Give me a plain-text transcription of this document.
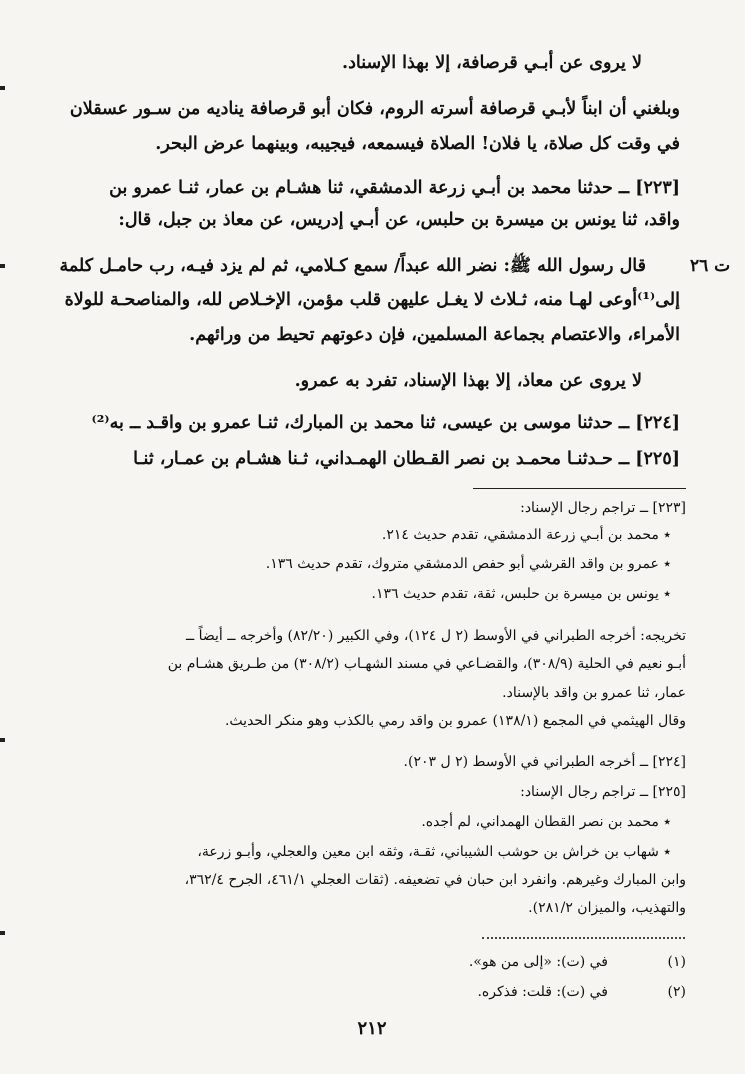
ت ٢٦
لا يروى عن أبـي قرصافة، إلا بهذا الإسناد.
وبلغني أن ابناً لأبـي قرصافة أسرته الروم، فكان أبو قرصافة يناديه من سـور عسقلان
في وقت كل صلاة، يا فلان! الصلاة فيسمعه، فيجيبه، وبينهما عرض البحر.
[٢٢٣] ــ حدثنا محمد بن أبـي زرعة الدمشقي، ثنا هشـام بن عمار، ثنـا عمرو بن
واقد، ثنا يونس بن ميسرة بن حلبس، عن أبـي إدريس، عن معاذ بن جبل، قال:
قال رسول الله ﷺ: نضر الله عبداً/ سمع كـلامي، ثم لم يزد فيـه، رب حامـل كلمة
إلى⁽¹⁾أوعى لهـا منه، ثـلاث لا يغـل عليهن قلب مؤمن، الإخـلاص لله، والمناصحـة للولاة
الأمراء، والاعتصام بجماعة المسلمين، فإن دعوتهم تحيط من ورائهم.
لا يروى عن معاذ، إلا بهذا الإسناد، تفرد به عمرو.
[٢٢٤] ــ حدثنا موسى بن عيسى، ثنا محمد بن المبارك، ثنـا عمرو بن واقـد ــ به⁽²⁾
[٢٢٥] ــ حـدثنـا محمـد بن نصر القـطان الهمـداني، ثـنا هشـام بن عمـار، ثنـا
[٢٢٣] ــ تراجم رجال الإسناد:
٭ محمد بن أبـي زرعة الدمشقي، تقدم حديث ٢١٤.
٭ عمرو بن واقد القرشي أبو حفص الدمشقي متروك، تقدم حديث ١٣٦.
٭ يونس بن ميسرة بن حلبس، ثقة، تقدم حديث ١٣٦.
تخريجه: أخرجه الطبراني في الأوسط (٢ ل ١٢٤)، وفي الكبير (٨٢/٢٠) وأخرجه ــ أيضاً ــ
أبـو نعيم في الحلية (٣٠٨/٩)، والقضـاعي في مسند الشهـاب (٣٠٨/٢) من طـريق هشـام بن
عمار، ثنا عمرو بن واقد بالإسناد.
وقال الهيثمي في المجمع (١٣٨/١) عمرو بن واقد رمي بالكذب وهو منكر الحديث.
[٢٢٤] ــ أخرجه الطبراني في الأوسط (٢ ل ٢٠٣).
[٢٢٥] ــ تراجم رجال الإسناد:
٭ محمد بن نصر القطان الهمداني، لم أجده.
٭ شهاب بن خراش بن حوشب الشيباني، ثقـة، وثقه ابن معين والعجلي، وأبـو زرعة،
وابن المبارك وغيرهم. وانفرد ابن حبان في تضعيفه. (ثقات العجلي ٤٦١/١، الجرح ٣٦٢/٤،
والتهذيب، والميزان ٢٨١/٢).
(١)
في (ت): «إلى من هو».
(٢)
في (ت): قلت: فذكره.
٢١٢
